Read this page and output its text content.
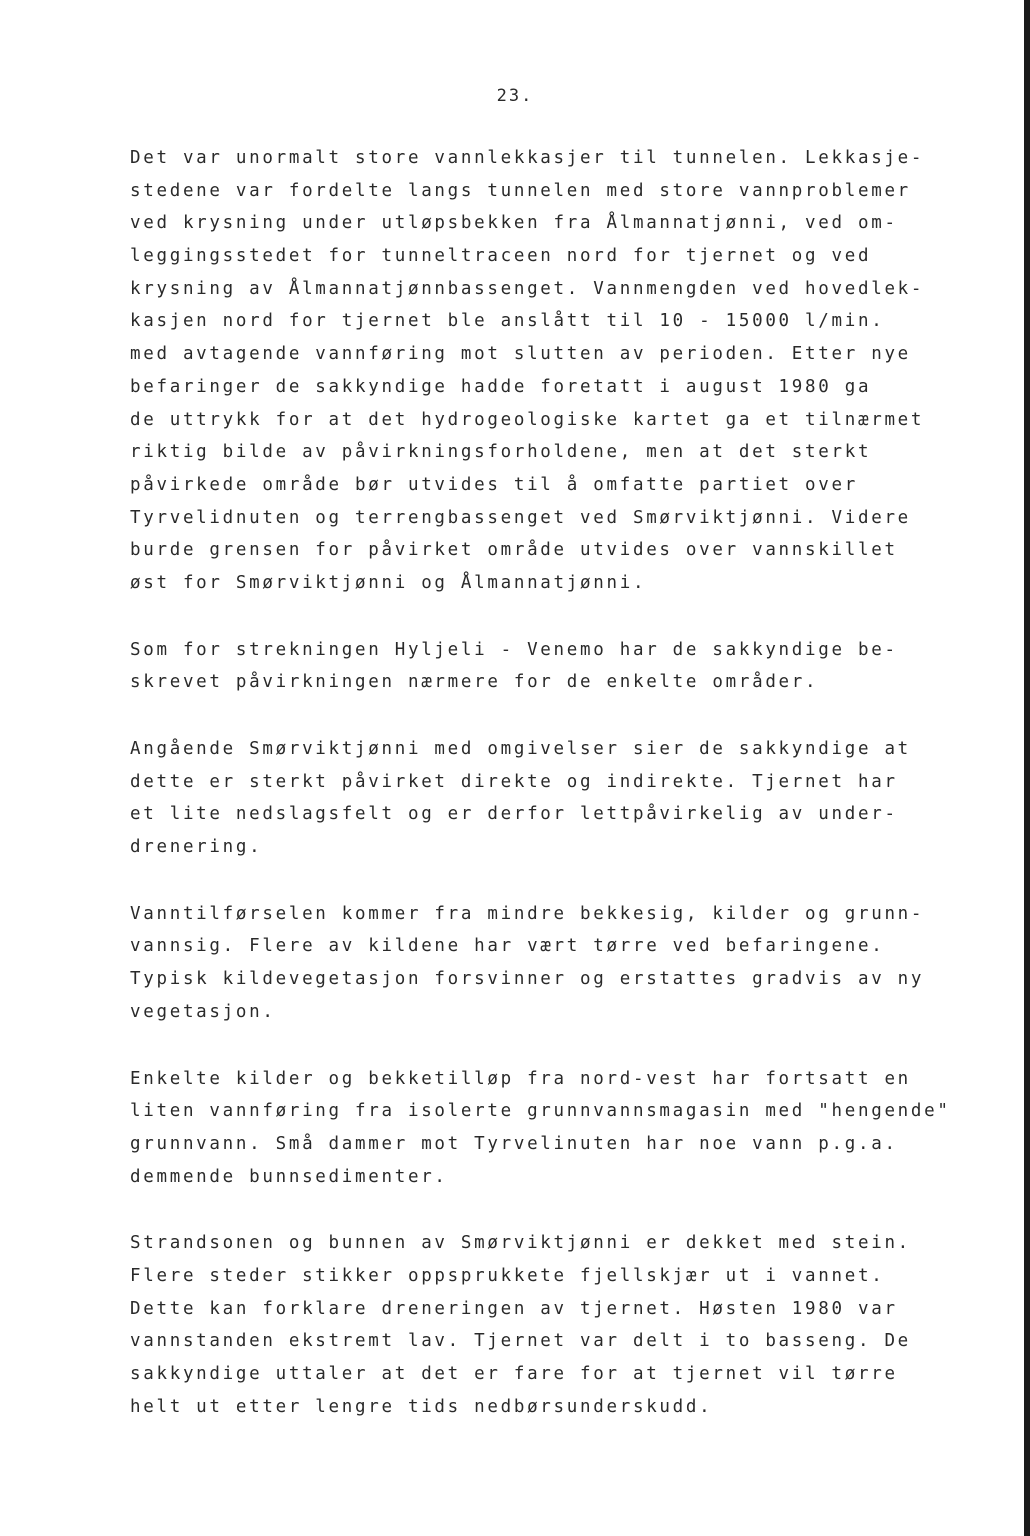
23.

Det var unormalt store vannlekkasjer til tunnelen. Lekkasje-
stedene var fordelte langs tunnelen med store vannproblemer
ved krysning under utløpsbekken fra Ålmannatjønni, ved om-
leggingsstedet for tunneltraceen nord for tjernet og ved
krysning av Ålmannatjønnbassenget. Vannmengden ved hovedlek-
kasjen nord for tjernet ble anslått til 10 - 15000 l/min.
med avtagende vannføring mot slutten av perioden. Etter nye
befaringer de sakkyndige hadde foretatt i august 1980 ga
de uttrykk for at det hydrogeologiske kartet ga et tilnærmet
riktig bilde av påvirkningsforholdene, men at det sterkt
påvirkede område bør utvides til å omfatte partiet over
Tyrvelidnuten og terrengbassenget ved Smørviktjønni. Videre
burde grensen for påvirket område utvides over vannskillet
øst for Smørviktjønni og Ålmannatjønni.

Som for strekningen Hyljeli - Venemo har de sakkyndige be-
skrevet påvirkningen nærmere for de enkelte områder.

Angående Smørviktjønni med omgivelser sier de sakkyndige at
dette er sterkt påvirket direkte og indirekte. Tjernet har
et lite nedslagsfelt og er derfor lettpåvirkelig av under-
drenering.

Vanntilførselen kommer fra mindre bekkesig, kilder og grunn-
vannsig. Flere av kildene har vært tørre ved befaringene.
Typisk kildevegetasjon forsvinner og erstattes gradvis av ny
vegetasjon.

Enkelte kilder og bekketilløp fra nord-vest har fortsatt en
liten vannføring fra isolerte grunnvannsmagasin med "hengende"
grunnvann. Små dammer mot Tyrvelinuten har noe vann p.g.a.
demmende bunnsedimenter.

Strandsonen og bunnen av Smørviktjønni er dekket med stein.
Flere steder stikker oppsprukkete fjellskjær ut i vannet.
Dette kan forklare dreneringen av tjernet. Høsten 1980 var
vannstanden ekstremt lav. Tjernet var delt i to basseng. De
sakkyndige uttaler at det er fare for at tjernet vil tørre
helt ut etter lengre tids nedbørsunderskudd.
